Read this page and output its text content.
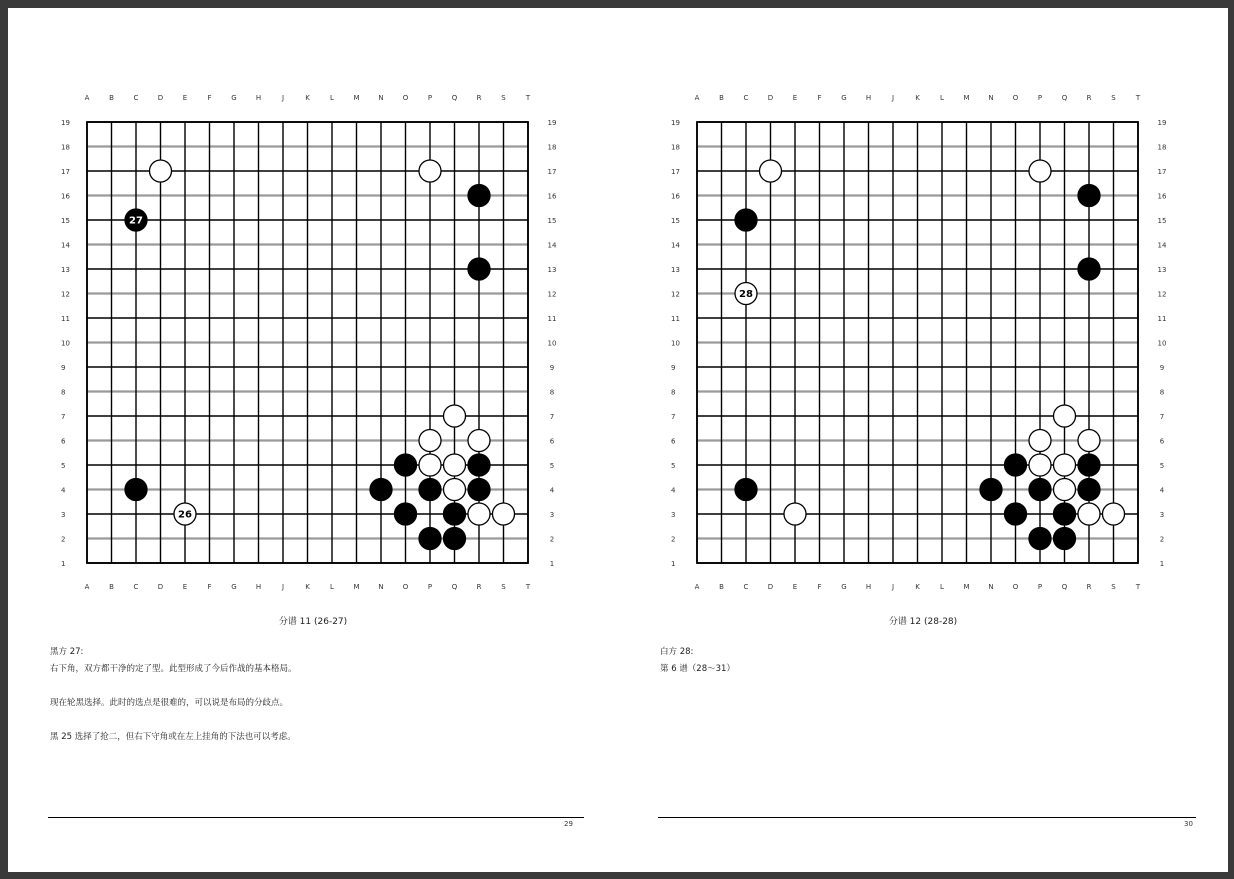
A
A
B
B
C
C
D
D
E
E
F
F
G
G
H
H
J
J
K
K
L
L
M
M
N
N
O
O
P
P
Q
Q
R
R
S
S
T
T
19	19
18	18
17	17
16	16
15	15
14	14
13	13
12	12
11	11
10	10
9	9
8	8
7	7
6	6
5	5
4	4
3	3
2	2
1	1
27
26
分谱 11 (26-27)

黑方 27:

右下角，双方都干净的定了型。此型形成了今后作战的基本格局。

现在轮黑选择。此时的选点是很难的，可以说是布局的分歧点。

黑 25 选择了抢二，但右下守角或在左上挂角的下法也可以考虑。

29
A
A
B
B
C
C
D
D
E
E
F
F
G
G
H
H
J
J
K
K
L
L
M
M
N
N
O
O
P
P
Q
Q
R
R
S
S
T
T
19	19
18	18
17	17
16	16
15	15
14	14
13	13
12	12
11	11
10	10
9	9
8	8
7	7
6	6
5	5
4	4
3	3
2	2
1	1
28
分谱 12 (28-28)

白方 28:

第 6 谱（28～31）

30
